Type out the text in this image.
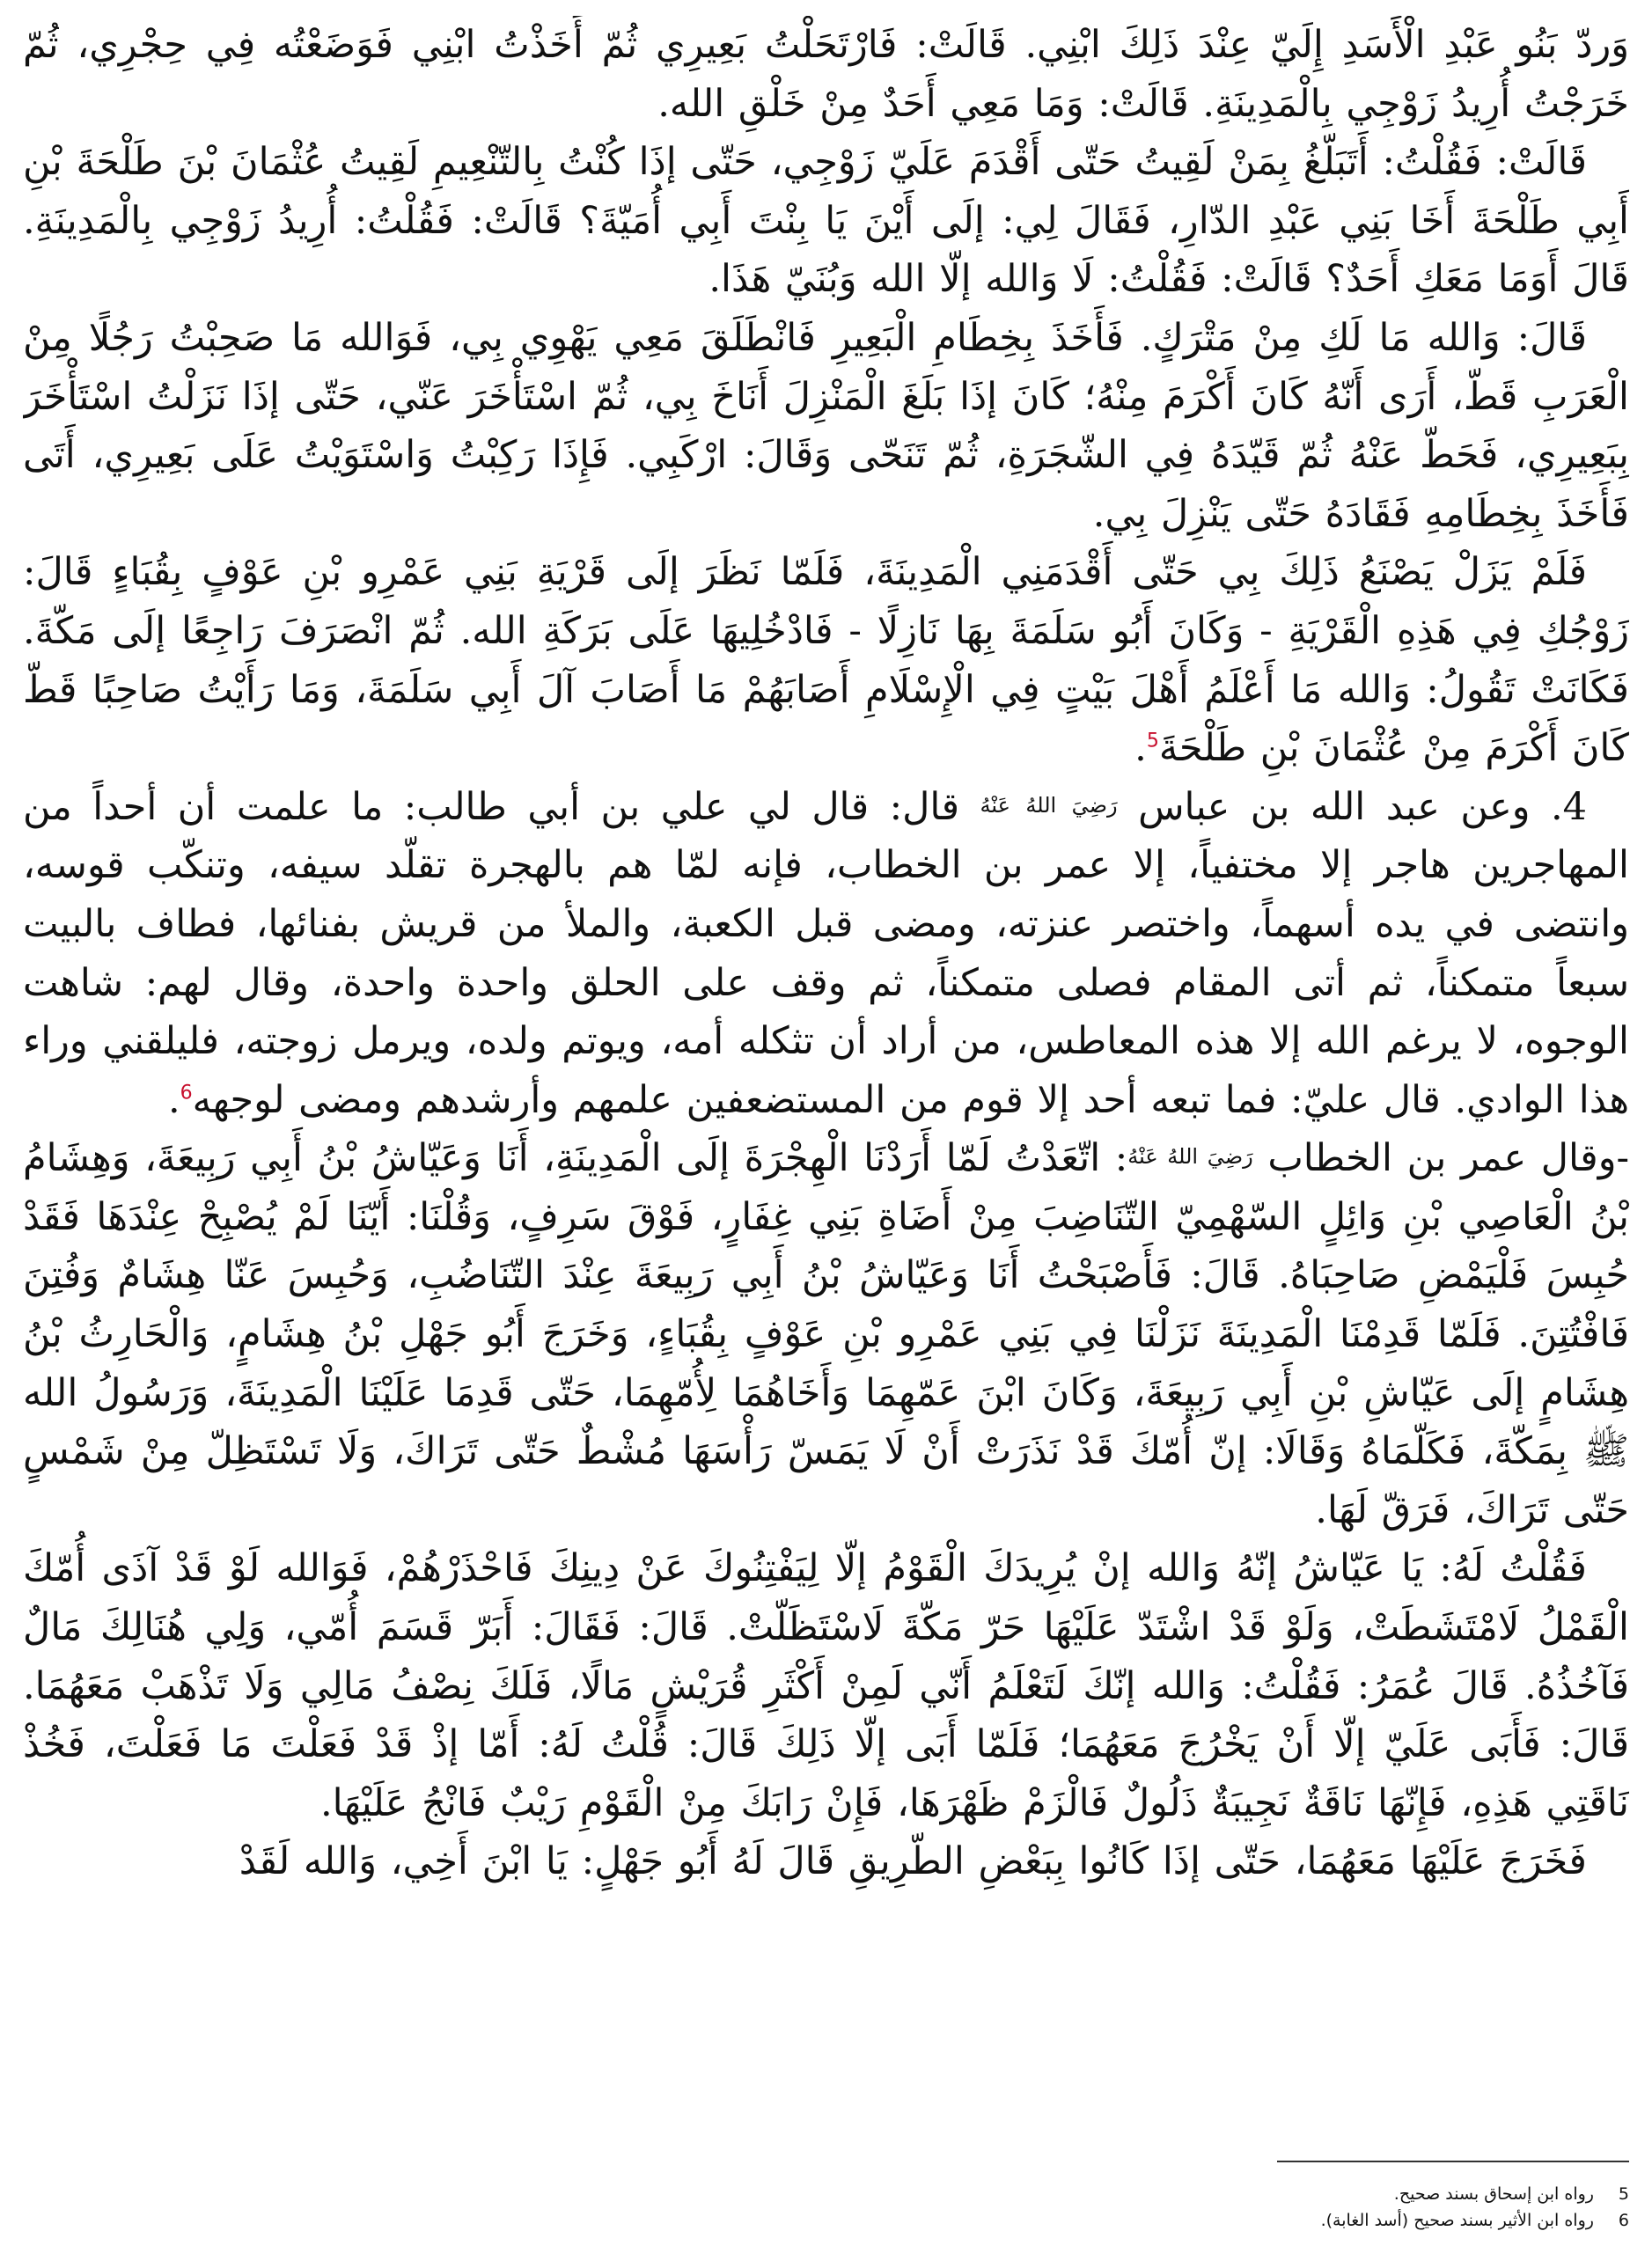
وَردّ بَنُو عَبْدِ الْأَسَدِ إِلَيّ عِنْدَ ذَلِكَ ابْنِي. قَالَتْ: فَارْتَحَلْتُ بَعِيرِي ثُمّ أَخَذْتُ ابْنِي فَوَضَعْتُه فِي حِجْرِي، ثُمّ خَرَجْتُ أُرِيدُ زَوْجِي بِالْمَدِينَةِ. قَالَتْ: وَمَا مَعِي أَحَدٌ مِنْ خَلْقِ الله.

قَالَتْ: فَقُلْتُ: أَتَبَلّغُ بِمَنْ لَقِيتُ حَتّى أَقْدَمَ عَلَيّ زَوْجِي، حَتّى إذَا كُنْتُ بِالتّنْعِيمِ لَقِيتُ عُثْمَانَ بْنَ طَلْحَةَ بْنِ أَبِي طَلْحَةَ أَخَا بَنِي عَبْدِ الدّارِ، فَقَالَ لِي: إلَى أَيْنَ يَا بِنْتَ أَبِي أُمَيّةَ؟ قَالَتْ: فَقُلْتُ: أُرِيدُ زَوْجِي بِالْمَدِينَةِ. قَالَ أَوَمَا مَعَكِ أَحَدٌ؟ قَالَتْ: فَقُلْتُ: لَا وَالله إلّا الله وَبُنَيّ هَذَا.

قَالَ: وَالله مَا لَكِ مِنْ مَتْرَكٍ. فَأَخَذَ بِخِطَامِ الْبَعِيرِ فَانْطَلَقَ مَعِي يَهْوِي بِي، فَوَالله مَا صَحِبْتُ رَجُلًا مِنْ الْعَرَبِ قَطّ، أَرَى أَنّهُ كَانَ أَكْرَمَ مِنْهُ؛ كَانَ إذَا بَلَغَ الْمَنْزِلَ أَنَاخَ بِي، ثُمّ اسْتَأْخَرَ عَنّي، حَتّى إذَا نَزَلْتُ اسْتَأْخَرَ بِبَعِيرِي، فَحَطّ عَنْهُ ثُمّ قَيّدَهُ فِي الشّجَرَةِ، ثُمّ تَنَحّى وَقَالَ: ارْكَبِي. فَإِذَا رَكِبْتُ وَاسْتَوَيْتُ عَلَى بَعِيرِي، أَتَى فَأَخَذَ بِخِطَامِهِ فَقَادَهُ حَتّى يَنْزِلَ بِي.

فَلَمْ يَزَلْ يَصْنَعُ ذَلِكَ بِي حَتّى أَقْدَمَنِي الْمَدِينَةَ، فَلَمّا نَظَرَ إلَى قَرْيَةِ بَنِي عَمْرِو بْنِ عَوْفٍ بِقُبَاءٍ قَالَ: زَوْجُكِ فِي هَذِهِ الْقَرْيَةِ - وَكَانَ أَبُو سَلَمَةَ بِهَا نَازِلًا - فَادْخُلِيهَا عَلَى بَرَكَةِ الله. ثُمّ انْصَرَفَ رَاجِعًا إلَى مَكّةَ. فَكَانَتْ تَقُولُ: وَالله مَا أَعْلَمُ أَهْلَ بَيْتٍ فِي الْإِسْلَامِ أَصَابَهُمْ مَا أَصَابَ آلَ أَبِي سَلَمَةَ، وَمَا رَأَيْتُ صَاحِبًا قَطّ كَانَ أَكْرَمَ مِنْ عُثْمَانَ بْنِ طَلْحَةَ$^5$.

4. وعن عبد الله بن عباس رَضِيَ اللهُ عَنْهُ قال: قال لي علي بن أبي طالب: ما علمت أن أحداً من المهاجرين هاجر إلا مختفياً، إلا عمر بن الخطاب، فإنه لمّا هم بالهجرة تقلّد سيفه، وتنكّب قوسه، وانتضى في يده أسهماً، واختصر عنزته، ومضى قبل الكعبة، والملأ من قريش بفنائها، فطاف بالبيت سبعاً متمكناً، ثم أتى المقام فصلى متمكناً، ثم وقف على الحلق واحدة واحدة، وقال لهم: شاهت الوجوه، لا يرغم الله إلا هذه المعاطس، من أراد أن تثكله أمه، ويوتم ولده، ويرمل زوجته، فليلقني وراء هذا الوادي. قال عليّ: فما تبعه أحد إلا قوم من المستضعفين علمهم وأرشدهم ومضى لوجهه$^6$.

-وقال عمر بن الخطاب رَضِيَ اللهُ عَنْهُ: اتّعَدْتُ لَمّا أَرَدْنَا الْهِجْرَةَ إلَى الْمَدِينَةِ، أَنَا وَعَيّاشُ بْنُ أَبِي رَبِيعَةَ، وَهِشَامُ بْنُ الْعَاصِي بْنِ وَائِلٍ السّهْمِيّ التّنَاضِبَ مِنْ أَضَاةِ بَنِي غِفَارٍ، فَوْقَ سَرِفٍ، وَقُلْنَا: أَيّنَا لَمْ يُصْبِحْ عِنْدَهَا فَقَدْ حُبِسَ فَلْيَمْضِ صَاحِبَاهُ. قَالَ: فَأَصْبَحْتُ أَنَا وَعَيّاشُ بْنُ أَبِي رَبِيعَةَ عِنْدَ التّنَاضُبِ، وَحُبِسَ عَنّا هِشَامٌ وَفُتِنَ فَافْتُتِنَ. فَلَمّا قَدِمْنَا الْمَدِينَةَ نَزَلْنَا فِي بَنِي عَمْرِو بْنِ عَوْفٍ بِقُبَاءٍ، وَخَرَجَ أَبُو جَهْلِ بْنُ هِشَامٍ، وَالْحَارِثُ بْنُ هِشَامٍ إلَى عَيّاشِ بْنِ أَبِي رَبِيعَةَ، وَكَانَ ابْنَ عَمّهِمَا وَأَخَاهُمَا لِأُمّهِمَا، حَتّى قَدِمَا عَلَيْنَا الْمَدِينَةَ، وَرَسُولُ الله ﷺ بِمَكّةَ، فَكَلّمَاهُ وَقَالَا: إنّ أُمّكَ قَدْ نَذَرَتْ أَنْ لَا يَمَسّ رَأْسَهَا مُشْطٌ حَتّى تَرَاكَ، وَلَا تَسْتَظِلّ مِنْ شَمْسٍ حَتّى تَرَاكَ، فَرَقّ لَهَا.

فَقُلْتُ لَهُ: يَا عَيّاشُ إنّهُ وَالله إنْ يُرِيدَكَ الْقَوْمُ إلّا لِيَفْتِنُوكَ عَنْ دِينِكَ فَاحْذَرْهُمْ، فَوَالله لَوْ قَدْ آذَى أُمّكَ الْقَمْلُ لَامْتَشَطَتْ، وَلَوْ قَدْ اشْتَدّ عَلَيْهَا حَرّ مَكّةَ لَاسْتَظَلّتْ. قَالَ: فَقَالَ: أَبَرّ قَسَمَ أُمّي، وَلِي هُنَالِكَ مَالٌ فَآخُذُهُ. قَالَ عُمَرُ: فَقُلْتُ: وَالله إنّكَ لَتَعْلَمُ أَنّي لَمِنْ أَكْثَرِ قُرَيْشٍ مَالًا، فَلَكَ نِصْفُ مَالِي وَلَا تَذْهَبْ مَعَهُمَا. قَالَ: فَأَبَى عَلَيّ إلّا أَنْ يَخْرُجَ مَعَهُمَا؛ فَلَمّا أَبَى إلّا ذَلِكَ قَالَ: قُلْتُ لَهُ: أَمّا إذْ قَدْ فَعَلْتَ مَا فَعَلْتَ، فَخُذْ نَاقَتِي هَذِهِ، فَإِنّهَا نَاقَةٌ نَجِيبَةٌ ذَلُولٌ فَالْزَمْ ظَهْرَهَا، فَإِنْ رَابَكَ مِنْ الْقَوْمِ رَيْبٌ فَانْجُ عَلَيْهَا.

فَخَرَجَ عَلَيْهَا مَعَهُمَا، حَتّى إذَا كَانُوا بِبَعْضِ الطّرِيقِ قَالَ لَهُ أَبُو جَهْلٍ: يَا ابْنَ أَخِي، وَالله لَقَدْ

5 رواه ابن إسحاق بسند صحيح.
6 رواه ابن الأثير بسند صحيح (أسد الغابة).
